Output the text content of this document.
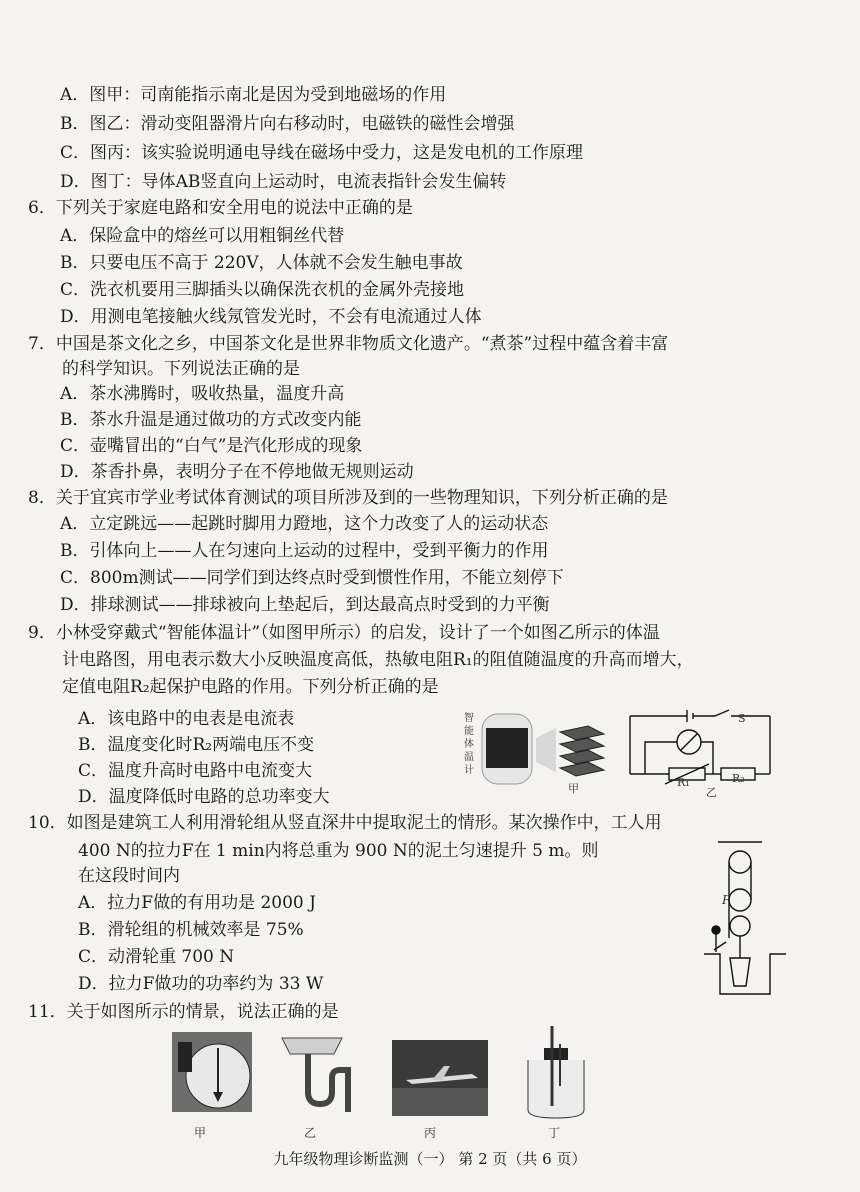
A．图甲：司南能指示南北是因为受到地磁场的作用
B．图乙：滑动变阻器滑片向右移动时，电磁铁的磁性会增强
C．图丙：该实验说明通电导线在磁场中受力，这是发电机的工作原理
D．图丁：导体AB竖直向上运动时，电流表指针会发生偏转
6．下列关于家庭电路和安全用电的说法中正确的是
A．保险盒中的熔丝可以用粗铜丝代替
B．只要电压不高于 220V，人体就不会发生触电事故
C．洗衣机要用三脚插头以确保洗衣机的金属外壳接地
D．用测电笔接触火线氖管发光时，不会有电流通过人体
7．中国是茶文化之乡，中国茶文化是世界非物质文化遗产。“煮茶”过程中蕴含着丰富
的科学知识。下列说法正确的是
A．茶水沸腾时，吸收热量，温度升高
B．茶水升温是通过做功的方式改变内能
C．壶嘴冒出的“白气”是汽化形成的现象
D．茶香扑鼻，表明分子在不停地做无规则运动
8．关于宜宾市学业考试体育测试的项目所涉及到的一些物理知识，下列分析正确的是
A．立定跳远——起跳时脚用力蹬地，这个力改变了人的运动状态
B．引体向上——人在匀速向上运动的过程中，受到平衡力的作用
C．800m测试——同学们到达终点时受到惯性作用，不能立刻停下
D．排球测试——排球被向上垫起后，到达最高点时受到的力平衡
9．小林受穿戴式“智能体温计”（如图甲所示）的启发，设计了一个如图乙所示的体温
计电路图，用电表示数大小反映温度高低，热敏电阻R₁的阻值随温度的升高而增大，
定值电阻R₂起保护电路的作用。下列分析正确的是
A．该电路中的电表是电流表
B．温度变化时R₂两端电压不变
C．温度升高时电路中电流变大
D．温度降低时电路的总功率变大
智能体温计
甲
S
R₁	R₂
乙
10．如图是建筑工人利用滑轮组从竖直深井中提取泥土的情形。某次操作中，工人用
400 N的拉力F在 1 min内将总重为 900 N的泥土匀速提升 5 m。则
在这段时间内
A．拉力F做的有用功是 2000 J
B．滑轮组的机械效率是 75%
C．动滑轮重 700 N
D．拉力F做功的功率约为 33 W
F
11．关于如图所示的情景，说法正确的是
甲	乙	丙	丁
九年级物理诊断监测（一） 第 2 页（共 6 页）
